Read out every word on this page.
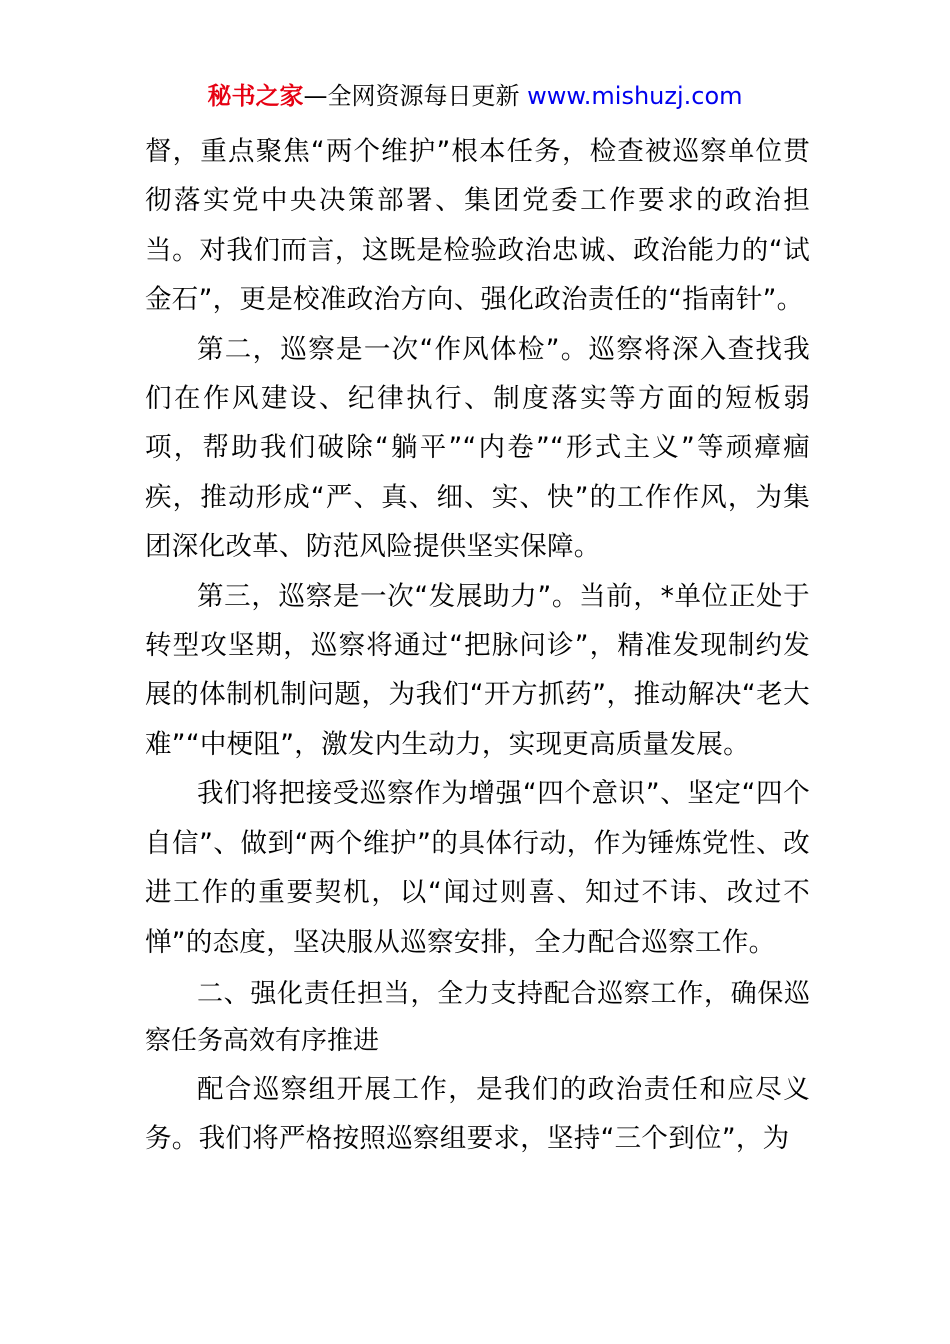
秘书之家—全网资源每日更新 www.mishuzj.com

督，重点聚焦“两个维护”根本任务，检查被巡察单位贯彻落实党中央决策部署、集团党委工作要求的政治担当。对我们而言，这既是检验政治忠诚、政治能力的“试金石”，更是校准政治方向、强化政治责任的“指南针”。

第二，巡察是一次“作风体检”。巡察将深入查找我们在作风建设、纪律执行、制度落实等方面的短板弱项，帮助我们破除“躺平”“内卷”“形式主义”等顽瘴痼疾，推动形成“严、真、细、实、快”的工作作风，为集团深化改革、防范风险提供坚实保障。

第三，巡察是一次“发展助力”。当前，*单位正处于转型攻坚期，巡察将通过“把脉问诊”，精准发现制约发展的体制机制问题，为我们“开方抓药”，推动解决“老大难”“中梗阻”，激发内生动力，实现更高质量发展。

我们将把接受巡察作为增强“四个意识”、坚定“四个自信”、做到“两个维护”的具体行动，作为锤炼党性、改进工作的重要契机，以“闻过则喜、知过不讳、改过不惮”的态度，坚决服从巡察安排，全力配合巡察工作。

二、强化责任担当，全力支持配合巡察工作，确保巡察任务高效有序推进

配合巡察组开展工作，是我们的政治责任和应尽义务。我们将严格按照巡察组要求，坚持“三个到位”，为
